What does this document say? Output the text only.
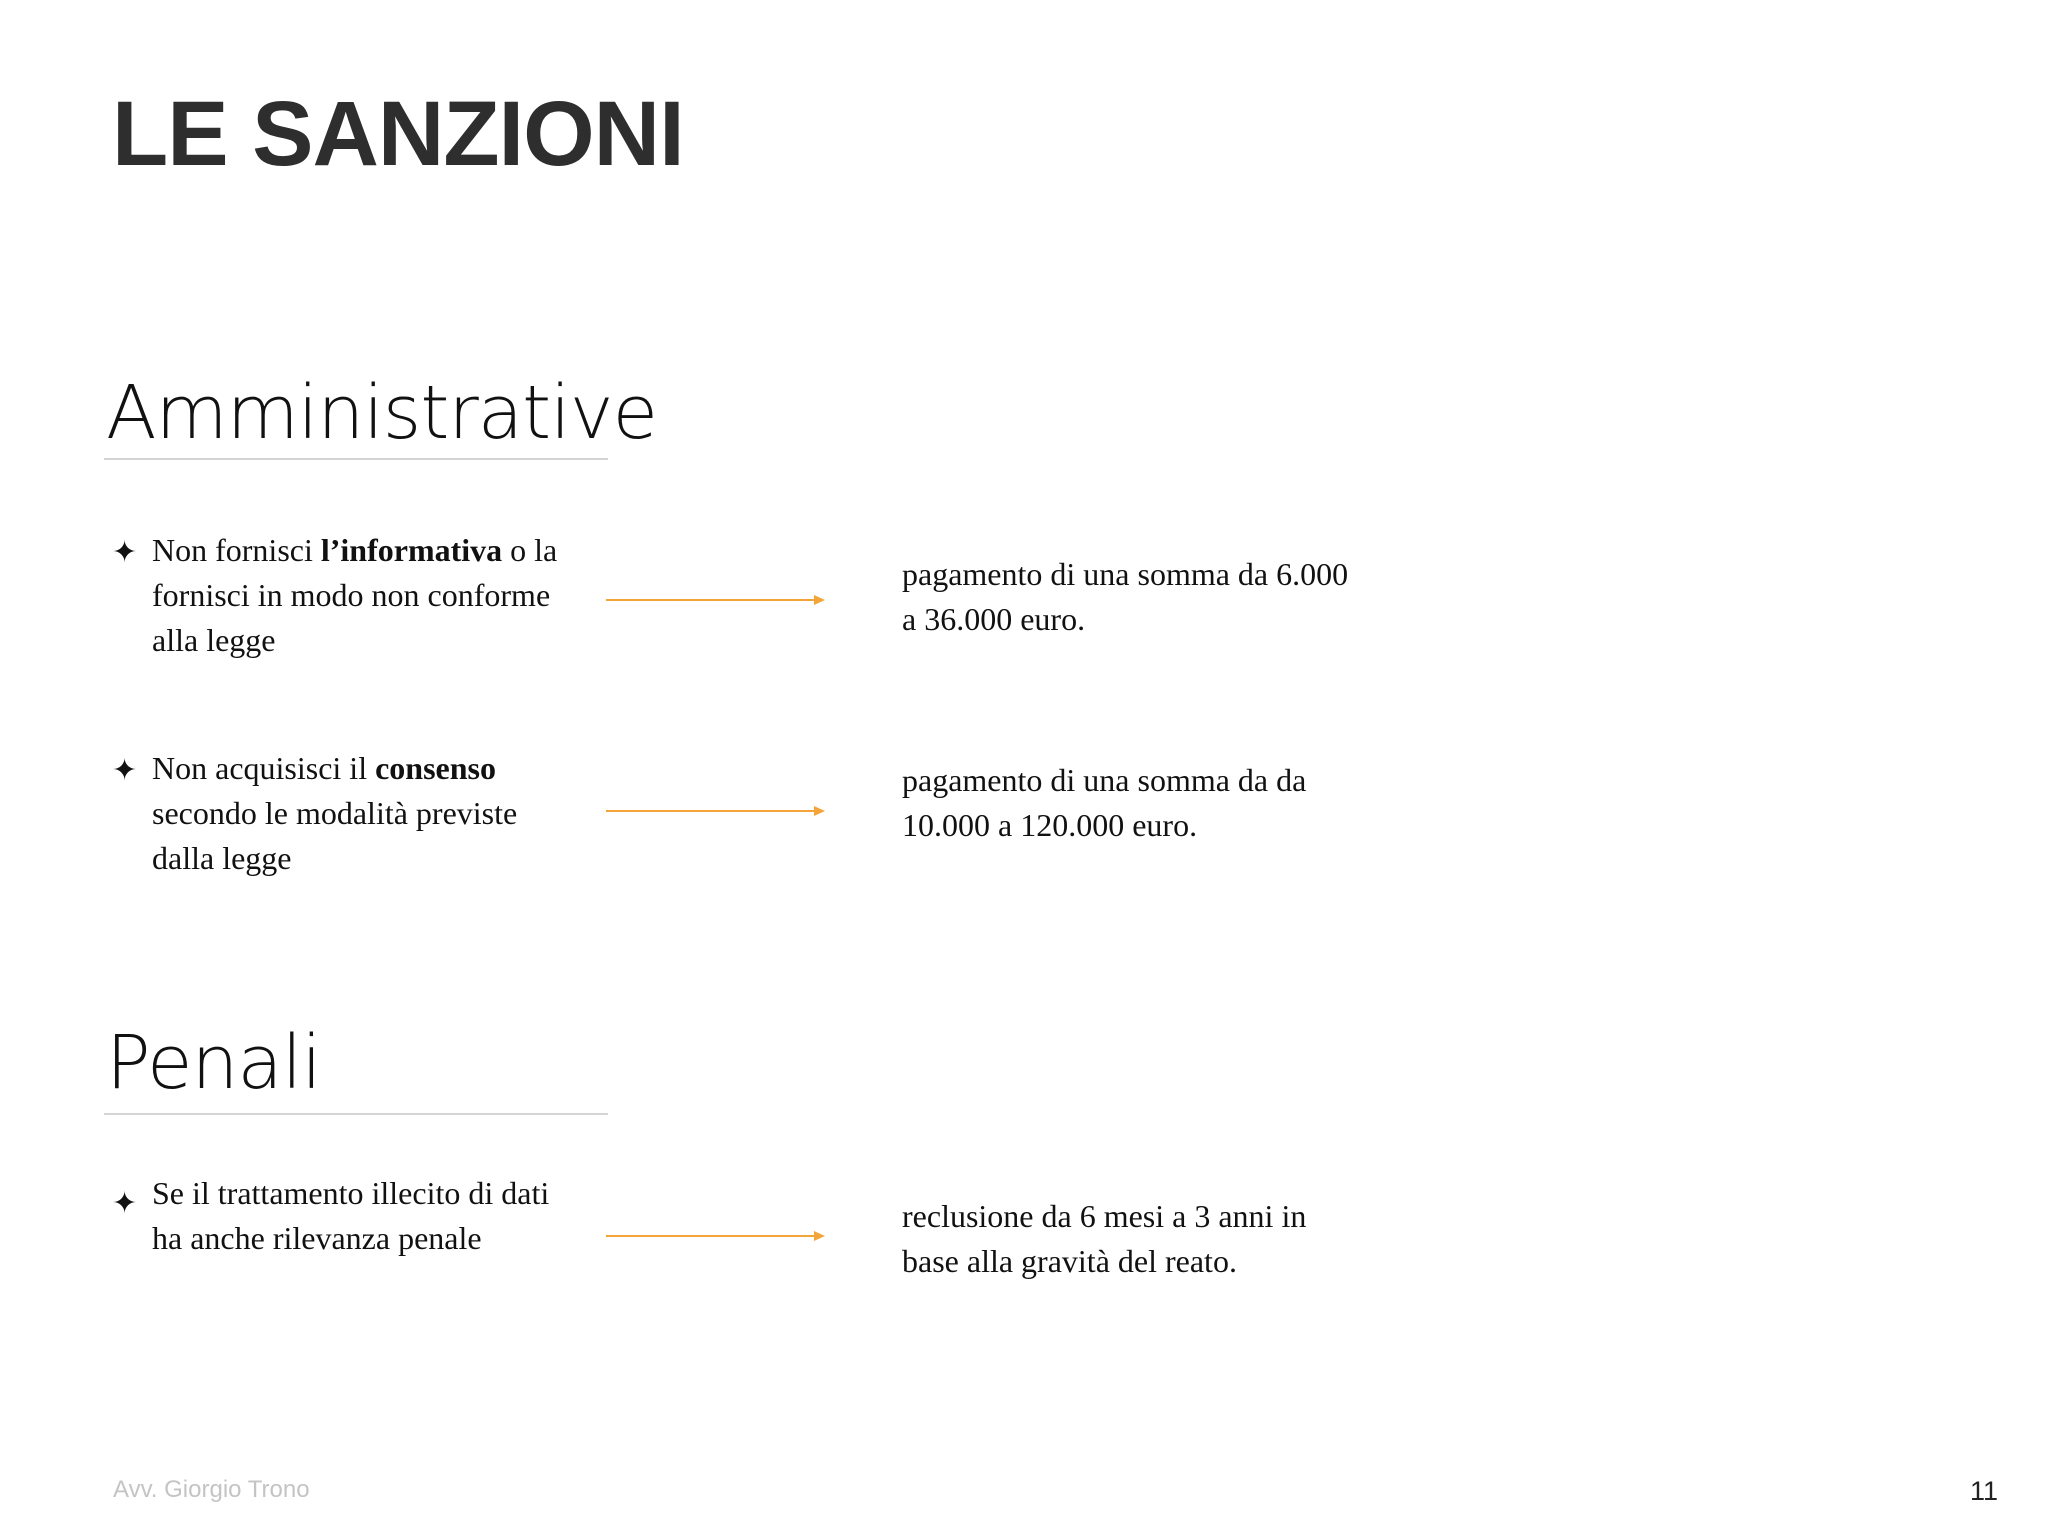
LE SANZIONI
Amministrative
✦ Non fornisci l’informativa o la fornisci in modo non conforme alla legge
pagamento di una somma da 6.000 a 36.000 euro.
✦ Non acquisisci il consenso secondo le modalità previste dalla legge
pagamento di una somma da da 10.000 a 120.000 euro.
Penali
✦ Se il trattamento illecito di dati ha anche rilevanza penale
reclusione da 6 mesi a 3 anni in base alla gravità del reato.
Avv. Giorgio Trono	11
